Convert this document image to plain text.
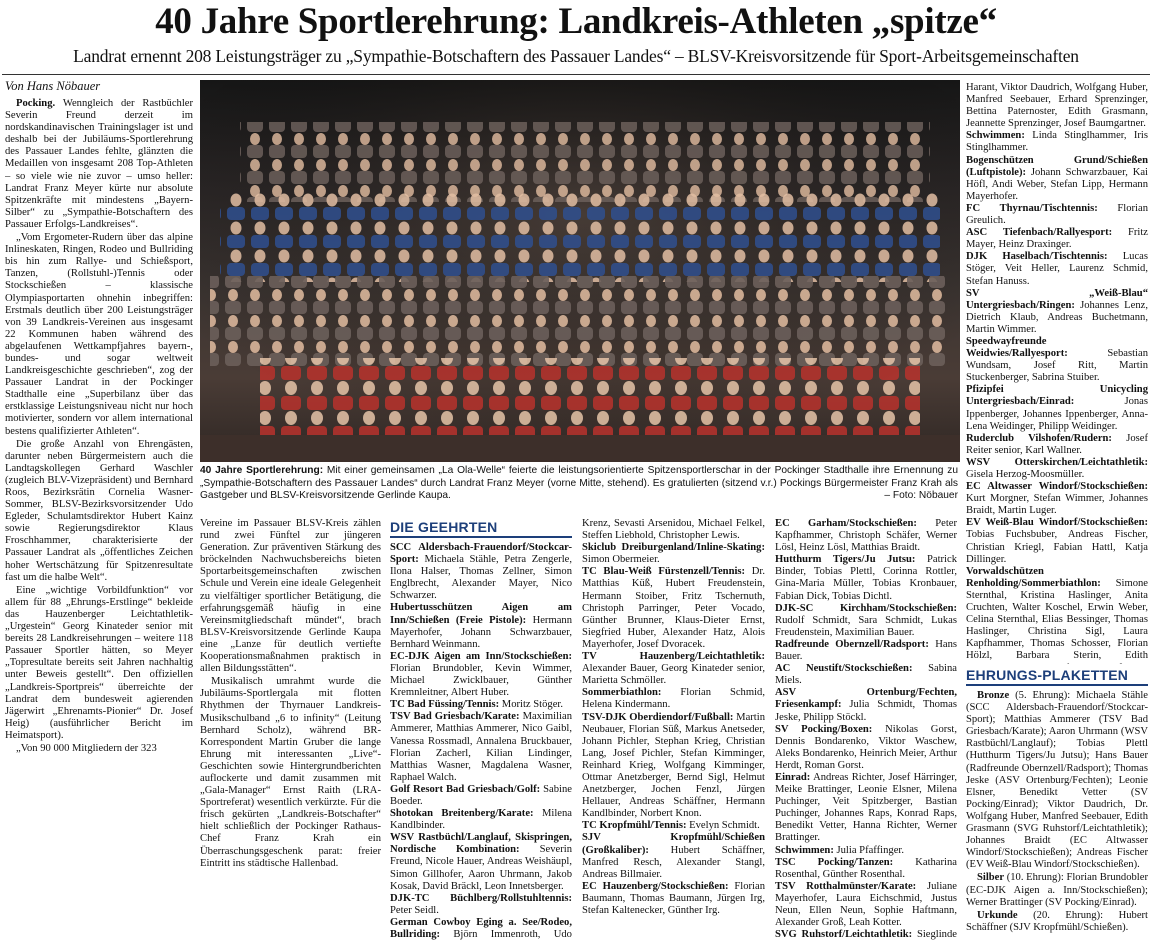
40 Jahre Sportlerehrung: Landkreis-Athleten „spitze“
Landrat ernennt 208 Leistungsträger zu „Sympathie-Botschaftern des Passauer Landes“ – BLSV-Kreisvorsitzende für Sport-Arbeitsgemeinschaften
Von Hans Nöbauer

Pocking. Wenngleich der Rastbüchler Severin Freund derzeit im nordskandinavischen Trainingslager ist und deshalb bei der Jubiläums-Sportlerehrung des Passauer Landes fehlte, glänzten die Medaillen von insgesamt 208 Top-Athleten – so viele wie nie zuvor – umso heller: Landrat Franz Meyer kürte nur absolute Spitzenkräfte mit mindestens „Bayern-Silber“ zu „Sympathie-Botschaftern des Passauer Erfolgs-Landkreises“.

„Vom Ergometer-Rudern über das alpine Inlineskaten, Ringen, Rodeo und Bullriding bis hin zum Rallye- und Schießsport, Tanzen, (Rollstuhl-)Tennis oder Stockschießen – klassische Olympiasportarten ohnehin inbegriffen: Erstmals deutlich über 200 Leistungsträger von 39 Landkreis-Vereinen aus insgesamt 22 Kommunen haben während des abgelaufenen Wettkampfjahres bayern-, bundes- und sogar weltweit Landkreisgeschichte geschrieben“, zog der Passauer Landrat in der Pockinger Stadthalle eine „Superbilanz über das erstklassige Leistungsniveau nicht nur hoch motivierter, sondern vor allem international bestens qualifizierter Athleten“.

Die große Anzahl von Ehrengästen, darunter neben Bürgermeistern auch die Landtagskollegen Gerhard Waschler (zugleich BLV-Vizepräsident) und Bernhard Roos, Bezirksrätin Cornelia Wasner-Sommer, BLSV-Bezirksvorsitzender Udo Egleder, Schulamtsdirektor Hubert Kainz sowie Regierungsdirektor Klaus Froschhammer, charakterisierte der Passauer Landrat als „öffentliches Zeichen hoher Wertschätzung für Spitzenresultate fast um die halbe Welt“.

Eine „wichtige Vorbildfunktion“ vor allem für 88 „Ehrungs-Erstlinge“ bekleide das Hauzenberger Leichtathletik-„Urgestein“ Georg Kinateder senior mit bereits 28 Landkreisehrungen – weitere 118 Passauer Sportler hätten, so Meyer „Topresultate bereits seit Jahren nachhaltig unter Beweis gestellt“. Den offiziellen „Landkreis-Sportpreis“ überreichte der Landrat dem bundesweit agierenden Jägerwirt „Ehrenamts-Pionier“ Dr. Josef Heig) (ausführlicher Bericht im Heimatsport).

„Von 90 000 Mitgliedern der 323

40 Jahre Sportlerehrung: Mit einer gemeinsamen „La Ola-Welle“ feierte die leistungsorientierte Spitzensportlerschar in der Pockinger Stadthalle ihre Ernennung zu „Sympathie-Botschaftern des Passauer Landes“ durch Landrat Franz Meyer (vorne Mitte, stehend). Es gratulierten (sitzend v.r.) Pockings Bürgermeister Franz Krah als Gastgeber und BLSV-Kreisvorsitzende Gerlinde Kaupa.	– Foto: Nöbauer

Vereine im Passauer BLSV-Kreis zählen rund zwei Fünftel zur jüngeren Generation. Zur präventiven Stärkung des bröckelnden Nachwuchsbereichs bieten Sportarbeitsgemeinschaften zwischen Schule und Verein eine ideale Gelegenheit zu vielfältiger sportlicher Betätigung, die erfahrungsgemäß häufig in eine Vereinsmitgliedschaft mündet“, brach BLSV-Kreisvorsitzende Gerlinde Kaupa eine „Lanze für deutlich vertiefte Kooperationsmaßnahmen praktisch in allen Bildungsstätten“.

Musikalisch umrahmt wurde die Jubiläums-Sportlergala mit flotten Rhythmen der Thyrnauer Landkreis-Musikschulband „6 to infinity“ (Leitung Bernhard Scholz), während BR-Korrespondent Martin Gruber die lange Ehrung mit interessanten „Live“-Geschichten sowie Hintergrundberichten auflockerte und damit zusammen mit „Gala-Manager“ Ernst Raith (LRA-Sportreferat) wesentlich verkürzte. Für die frisch gekürten „Landkreis-Botschafter“ hielt schließlich der Pockinger Rathaus-Chef Franz Krah ein Überraschungsgeschenk parat: freier Eintritt ins städtische Hallenbad.

DIE GEEHRTEN

SCC Aldersbach-Frauendorf/Stockcar-Sport: Michaela Stähle, Petra Zengerle, Ilona Halser, Thomas Zellner, Simon Englbrecht, Alexander Mayer, Nico Schwarzer.

Hubertusschützen Aigen am Inn/Schießen (Freie Pistole): Hermann Mayerhofer, Johann Schwarzbauer, Bernhard Weinmann.

EC-DJK Aigen am Inn/Stockschießen: Florian Brundobler, Kevin Wimmer, Michael Zwicklbauer, Günther Kremnleitner, Albert Huber.

TC Bad Füssing/Tennis: Moritz Stöger.

TSV Bad Griesbach/Karate: Maximilian Ammerer, Matthias Ammerer, Nico Gaibl, Vanessa Rossmadl, Annalena Bruckbauer, Florian Zacherl, Kilian Lindinger, Matthias Wasner, Magdalena Wasner, Raphael Walch.

Golf Resort Bad Griesbach/Golf: Sabine Boeder.

Shotokan Breitenberg/Karate: Milena Kandlbinder.

WSV Rastbüchl/Langlauf, Skispringen, Nordische Kombination: Severin Freund, Nicole Hauer, Andreas Weishäupl, Simon Gillhofer, Aaron Uhrmann, Jakob Kosak, David Bräckl, Leon Innetsberger.

DJK-TC Büchlberg/Rollstuhltennis: Peter Seidl.

German Cowboy Eging a. See/Rodeo, Bullriding: Björn Immenroth, Udo

Krenz, Sevasti Arsenidou, Michael Felkel, Steffen Liebhold, Christopher Lewis.

Skiclub Dreiburgenland/Inline-Skating: Simon Obermeier.

TC Blau-Weiß Fürstenzell/Tennis: Dr. Matthias Küß, Hubert Freudenstein, Hermann Stoiber, Fritz Tschernuth, Christoph Parringer, Peter Vocado, Günther Brunner, Klaus-Dieter Ernst, Siegfried Huber, Alexander Hatz, Alois Mayerhofer, Josef Dvoracek.

TV Hauzenberg/Leichtathletik: Alexander Bauer, Georg Kinateder senior, Marietta Schmöller.

Sommerbiathlon: Florian Schmid, Helena Kindermann.

TSV-DJK Oberdiendorf/Fußball: Martin Neubauer, Florian Süß, Markus Anetseder, Johann Pichler, Stephan Krieg, Christian Lang, Josef Pichler, Stefan Kimminger, Reinhard Krieg, Wolfgang Kimminger, Ottmar Anetzberger, Bernd Sigl, Helmut Anetzberger, Jochen Fenzl, Jürgen Hellauer, Andreas Schäffner, Hermann Kandlbinder, Norbert Knon.

TC Kropfmühl/Tennis: Evelyn Schmidt.

SJV Kropfmühl/Schießen (Großkaliber): Hubert Schäffner, Manfred Resch, Alexander Stangl, Andreas Billmaier.

EC Hauzenberg/Stockschießen: Florian Baumann, Thomas Baumann, Jürgen Irg, Stefan Kaltenecker, Günther Irg.

EC Garham/Stockschießen: Peter Kapfhammer, Christoph Schäfer, Werner Lösl, Heinz Lösl, Matthias Braidt.

Hutthurm Tigers/Ju Jutsu: Patrick Binder, Tobias Plettl, Corinna Rottler, Gina-Maria Müller, Tobias Kronbauer, Fabian Dick, Tobias Dichtl.

DJK-SC Kirchham/Stockschießen: Rudolf Schmidt, Sara Schmidt, Lukas Freudenstein, Maximilian Bauer.

Radfreunde Obernzell/Radsport: Hans Bauer.

AC Neustift/Stockschießen: Sabina Miels.

ASV Ortenburg/Fechten, Friesenkampf: Julia Schmidt, Thomas Jeske, Philipp Stöckl.

SV Pocking/Boxen: Nikolas Gorst, Dennis Bondarenko, Viktor Waschew, Aleks Bondarenko, Heinrich Meier, Arthur Herdt, Roman Gorst.

Einrad: Andreas Richter, Josef Härringer, Meike Brattinger, Leonie Elsner, Milena Puchinger, Veit Spitzberger, Bastian Puchinger, Johannes Raps, Konrad Raps, Benedikt Vetter, Hanna Richter, Werner Brattinger.

Schwimmen: Julia Pfaffinger.

TSC Pocking/Tanzen: Katharina Rosenthal, Günther Rosenthal.

TSV Rotthalmünster/Karate: Juliane Mayerhofer, Laura Eichschmid, Justus Neun, Ellen Neun, Sophie Haftmann, Alexander Groß, Leah Kotter.

SVG Ruhstorf/Leichtathletik: Sieglinde

Harant, Viktor Daudrich, Wolfgang Huber, Manfred Seebauer, Erhard Sprenzinger, Bettina Paternoster, Edith Grasmann, Jeannette Sprenzinger, Josef Baumgartner.

Schwimmen: Linda Stinglhammer, Iris Stinglhammer.

Bogenschützen Grund/Schießen (Luftpistole): Johann Schwarzbauer, Kai Höfl, Andi Weber, Stefan Lipp, Hermann Mayerhofer.

FC Thyrnau/Tischtennis: Florian Greulich.

ASC Tiefenbach/Rallyesport: Fritz Mayer, Heinz Draxinger.

DJK Haselbach/Tischtennis: Lucas Stöger, Veit Heller, Laurenz Schmid, Stefan Hanuss.

SV „Weiß-Blau“ Untergriesbach/Ringen: Johannes Lenz, Dietrich Klaub, Andreas Buchetmann, Martin Wimmer.

Speedwayfreunde Weidwies/Rallyesport:	Sebastian Wundsam, Josef Ritt, Martin Stuckenberger, Sabrina Stuiber.

Pfizipfei Unicycling Untergriesbach/Einrad:	Jonas Ippenberger, Johannes Ippenberger, Anna-Lena Weidinger, Philipp Weidinger.

Ruderclub Vilshofen/Rudern: Josef Reiter senior, Karl Wallner.

WSV Otterskirchen/Leichtathletik: Gisela Herzog-Moosmüller.

EC Altwasser Windorf/Stockschießen: Kurt Morgner, Stefan Wimmer, Johannes Braidt, Martin Luger.

EV Weiß-Blau Windorf/Stockschießen: Tobias Fuchsbuber, Andreas Fischer, Christian Kriegl, Fabian Hattl, Katja Dillinger.

Vorwaldschützen Renholding/Sommerbiathlon: Simone Sternthal, Kristina Haslinger, Anita Cruchten, Walter Koschel, Erwin Weber, Celina Sternthal, Elias Bessinger, Thomas Haslinger, Christina Sigl, Laura Kapfhammer, Thomas Schosser, Florian Hölzl, Barbara Sterin, Edith

EHRUNGS-PLAKETTEN

Bronze (5. Ehrung): Michaela Stähle (SCC Aldersbach-Frauendorf/Stockcar-Sport); Matthias Ammerer (TSV Bad Griesbach/Karate); Aaron Uhrmann (WSV Rastbüchl/Langlauf); Tobias Plettl (Hutthurm Tigers/Ju Jutsu); Hans Bauer (Radfreunde Obernzell/Radsport); Thomas Jeske (ASV Ortenburg/Fechten); Leonie Elsner, Benedikt Vetter (SV Pocking/Einrad); Viktor Daudrich, Dr. Wolfgang Huber, Manfred Seebauer, Edith Grasmann (SVG Ruhstorf/Leichtathletik); Johannes Braidt (EC Altwasser Windorf/Stockschießen); Andreas Fischer (EV Weiß-Blau Windorf/Stockschießen).

Silber (10. Ehrung): Florian Brundobler (EC-DJK Aigen a. Inn/Stockschießen); Werner Brattinger (SV Pocking/Einrad).

Urkunde (20. Ehrung): Hubert Schäffner (SJV Kropfmühl/Schießen).
